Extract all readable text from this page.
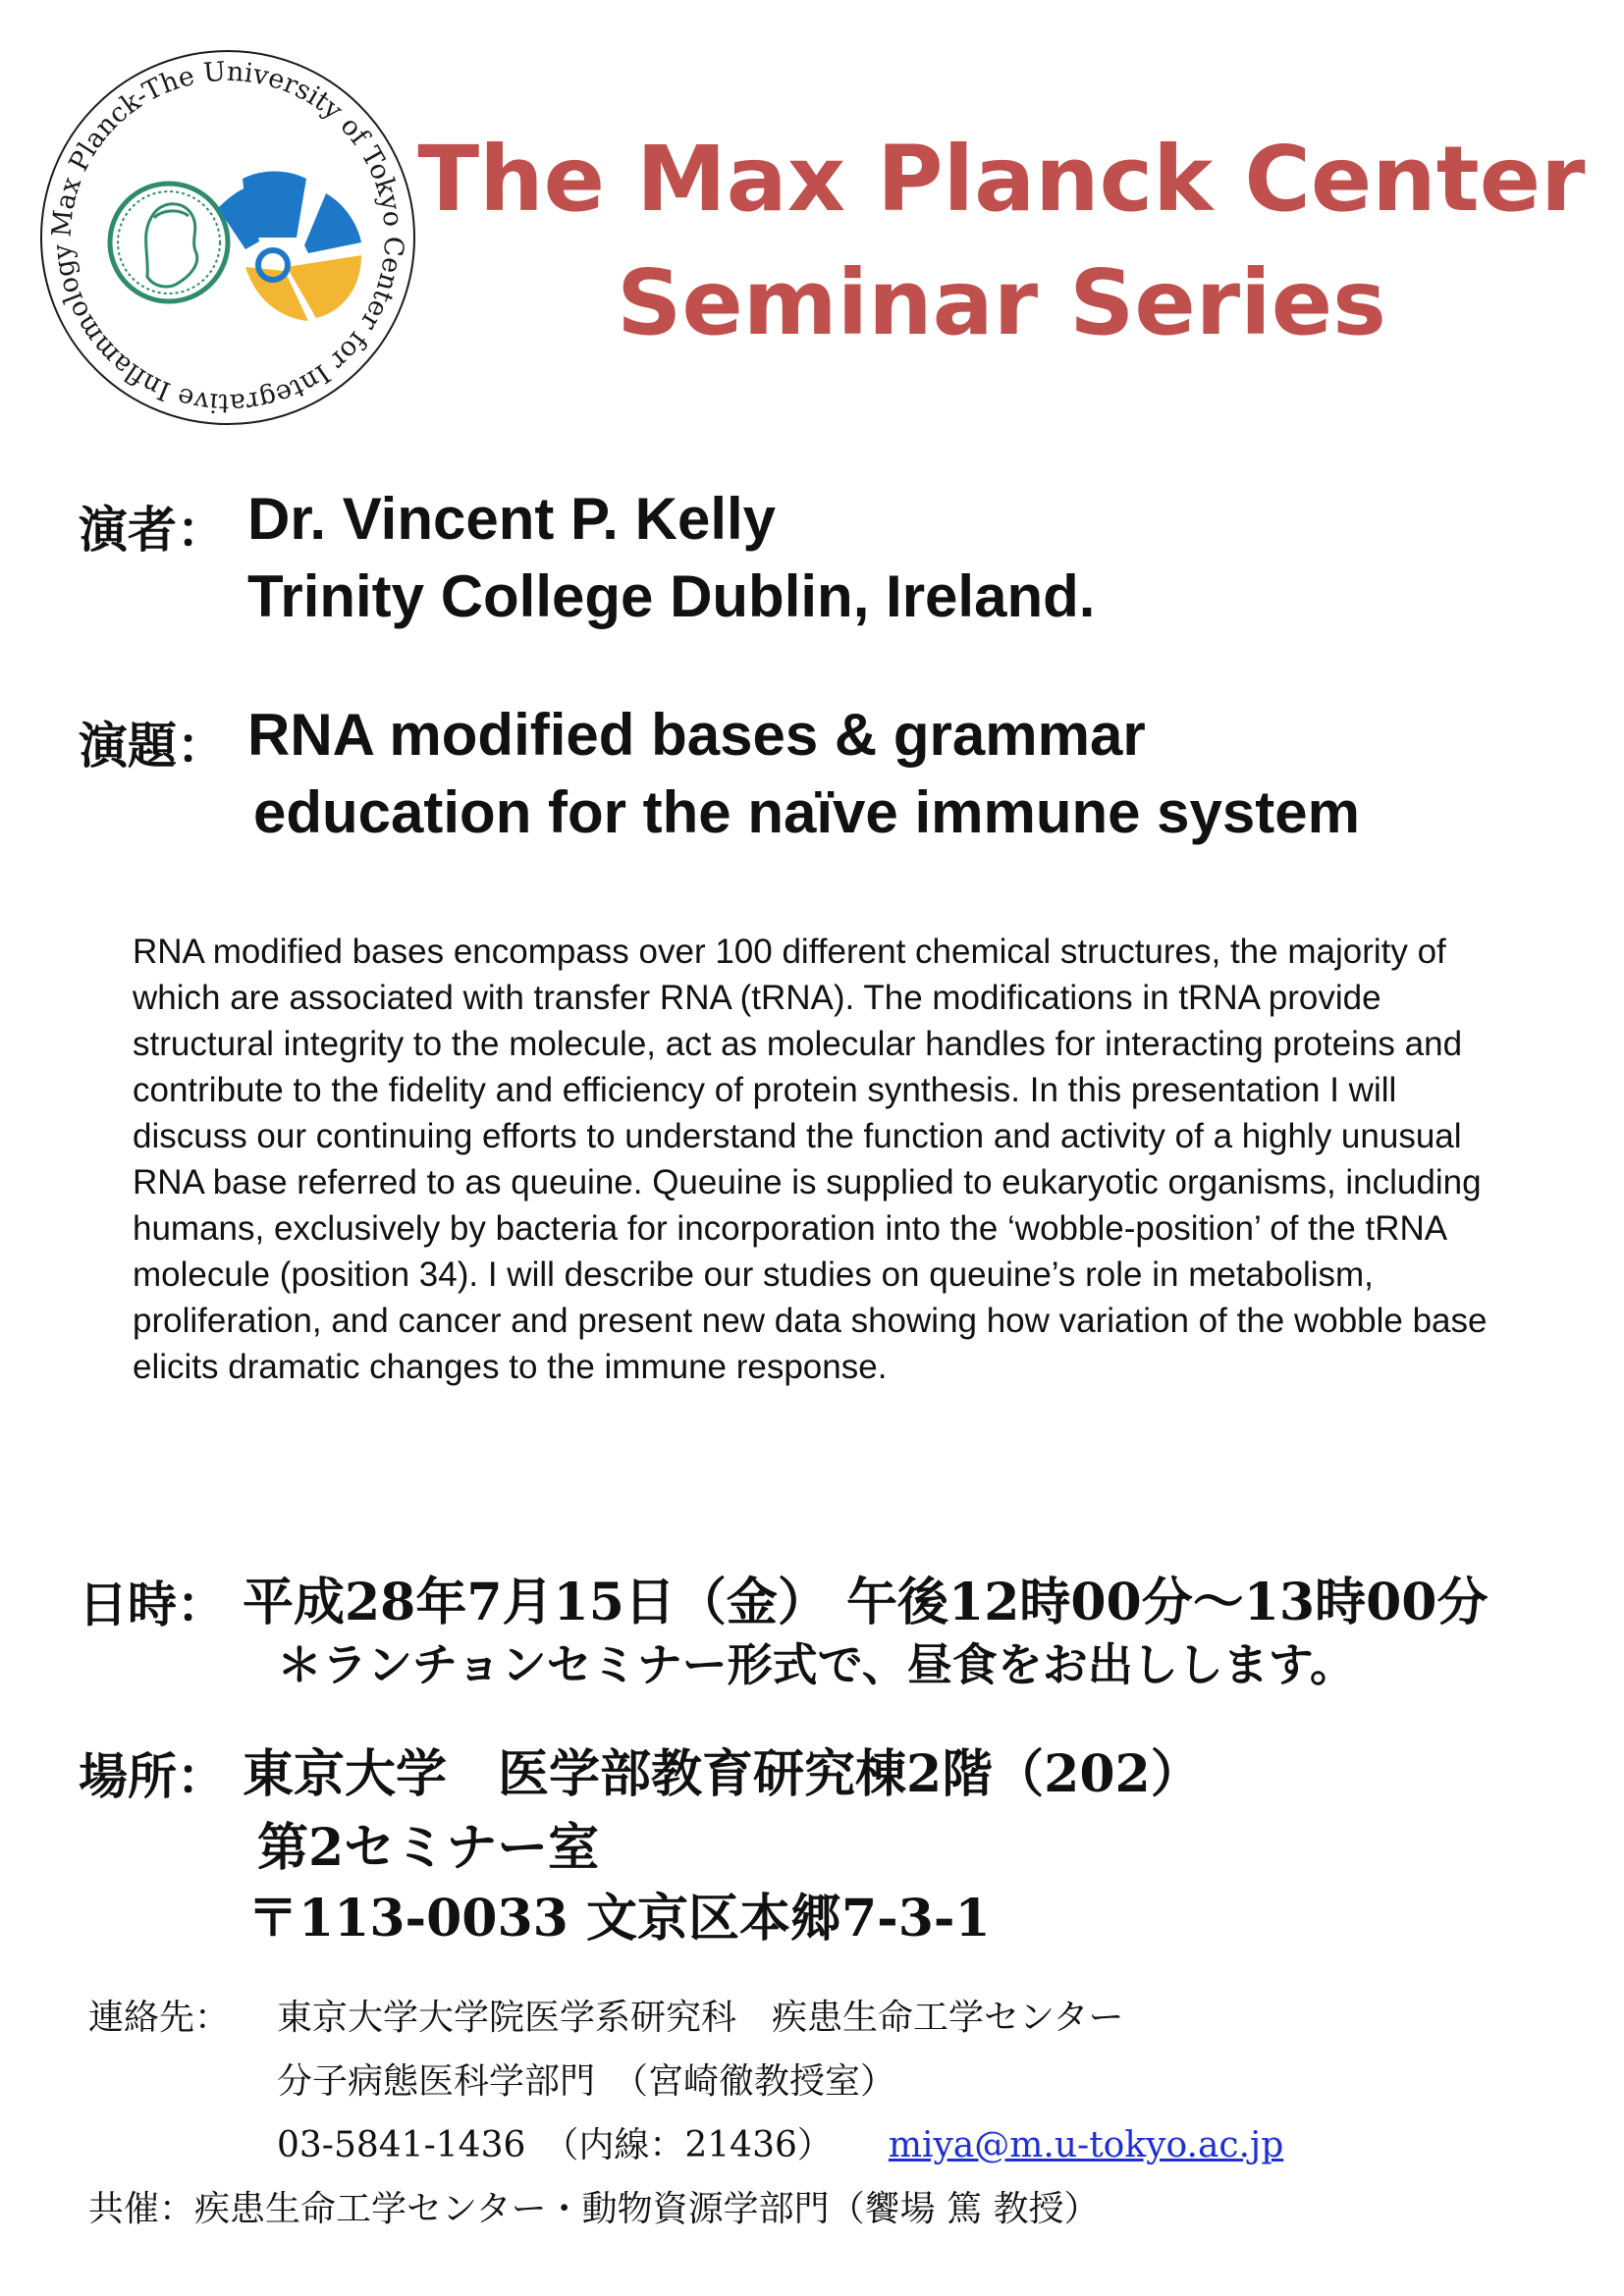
Max Planck-The University of Tokyo Center for Integrative Inflammology
The Max Planck Center
Seminar Series
演者： Dr. Vincent P. Kelly
Trinity College Dublin, Ireland.
演題： RNA modified bases & grammar
education for the naïve immune system
RNA modified bases encompass over 100 different chemical structures, the majority of which are associated with transfer RNA (tRNA). The modifications in tRNA provide structural integrity to the molecule, act as molecular handles for interacting proteins and contribute to the fidelity and efficiency of protein synthesis. In this presentation I will discuss our continuing efforts to understand the function and activity of a highly unusual RNA base referred to as queuine. Queuine is supplied to eukaryotic organisms, including humans, exclusively by bacteria for incorporation into the ‘wobble-position’ of the tRNA molecule (position 34). I will describe our studies on queuine’s role in metabolism, proliferation, and cancer and present new data showing how variation of the wobble base elicits dramatic changes to the immune response.
日時： 平成28年7月15日（金） 午後12時00分～13時00分
＊ランチョンセミナー形式で、昼食をお出しします。
場所： 東京大学　医学部教育研究棟2階（202）
第2セミナー室
〒113-0033 文京区本郷7-3-1
連絡先： 東京大学大学院医学系研究科　疾患生命工学センター
分子病態医科学部門　（宮崎徹教授室）
03-5841-1436　（内線：21436） miya@m.u-tokyo.ac.jp
共催：疾患生命工学センター・動物資源学部門（饗場 篤 教授）
